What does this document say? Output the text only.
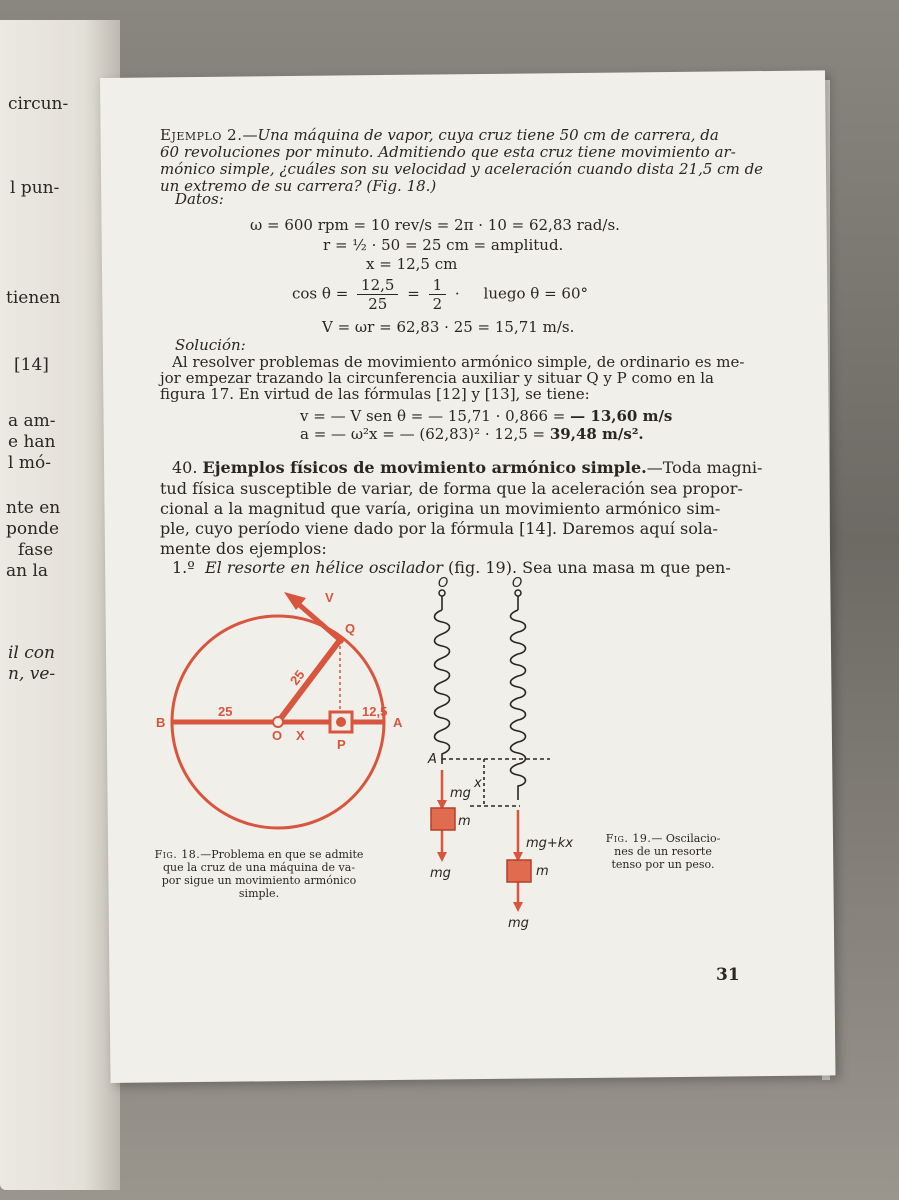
circun-
l pun-
tienen
[14]
a am-
e han
l mó-
nte en
ponde
fase
an la
il con
n, ve-
Ejemplo 2.—Una máquina de vapor, cuya cruz tiene 50 cm de carrera, da
60 revoluciones por minuto. Admitiendo que esta cruz tiene movimiento ar-
mónico simple, ¿cuáles son su velocidad y aceleración cuando dista 21,5 cm de
un extremo de su carrera? (Fig. 18.)
Datos:
ω = 600 rpm = 10 rev/s = 2π · 10 = 62,83 rad/s.
r = ½ · 50 = 25 cm = amplitud.
x = 12,5 cm
$\cos \theta = \frac{12,5}{25} = \frac{1}{2}$ ·     luego θ = 60°
V = ωr = 62,83 · 25 = 15,71 m/s.
Solución:
Al resolver problemas de movimiento armónico simple, de ordinario es me-
jor empezar trazando la circunferencia auxiliar y situar Q y P como en la
figura 17. En virtud de las fórmulas [12] y [13], se tiene:
v = — V sen θ = — 15,71 · 0,866 = — 13,60 m/s
a = — ω²x = — (62,83)² · 12,5 = 39,48 m/s².
40. Ejemplos físicos de movimiento armónico simple.—Toda magni-
tud física susceptible de variar, de forma que la aceleración sea propor-
cional a la magnitud que varía, origina un movimiento armónico sim-
ple, cuyo período viene dado por la fórmula [14]. Daremos aquí sola-
mente dos ejemplos:
1.º El resorte en hélice oscilador (fig. 19). Sea una masa m que pen-
V
Q
25
B
25
O X
P
12,5
A
Fig. 18.—Problema en que se admite
que la cruz de una máquina de va-
por sigue un movimiento armónico
simple.
O	O
A
x
mg
m
mg
mg+kx
m
mg
Fig. 19.— Oscilacio-
nes de un resorte
tenso por un peso.
31
